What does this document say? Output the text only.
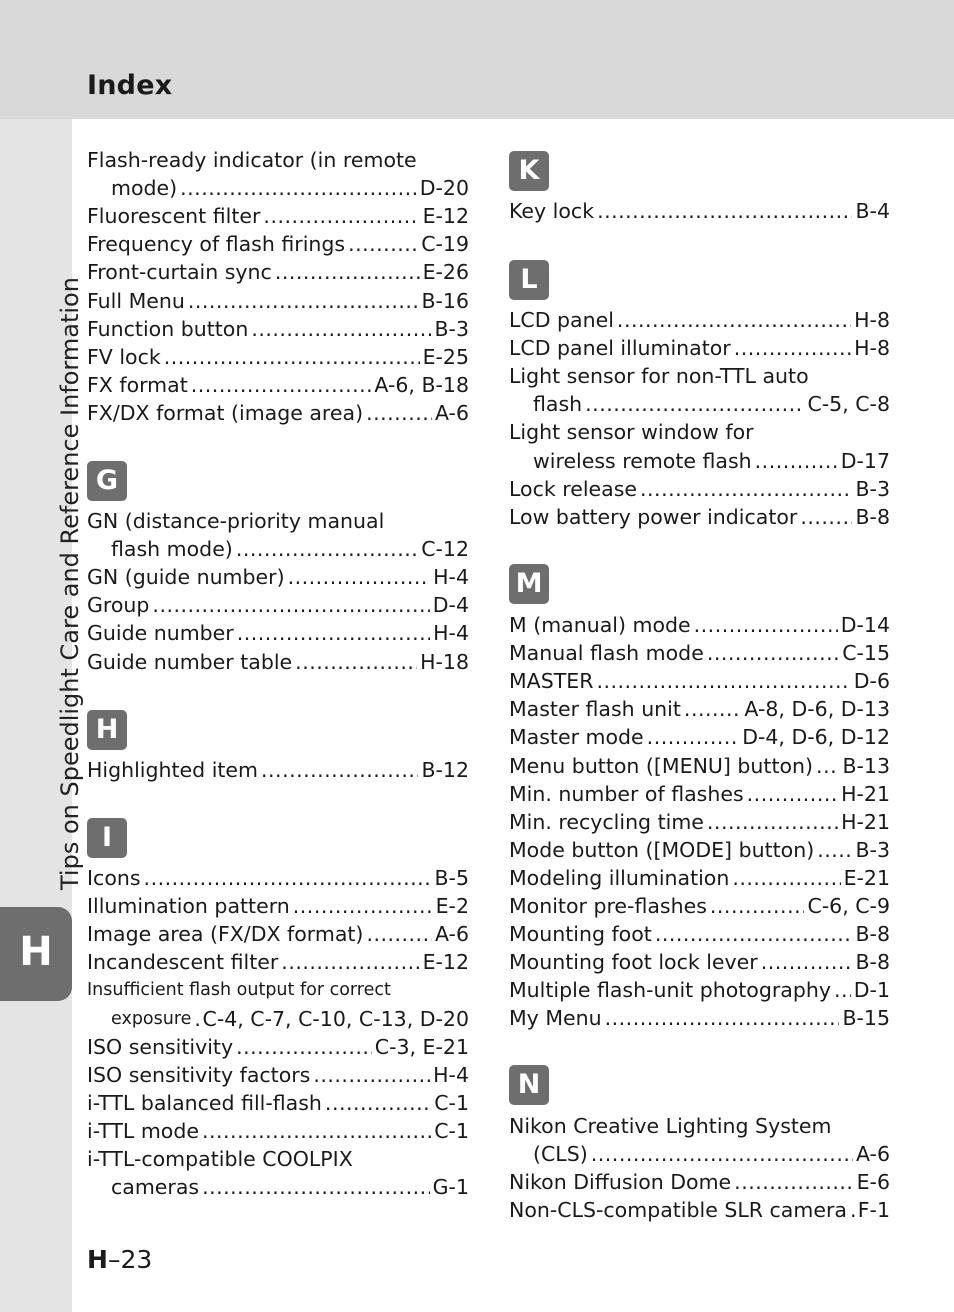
Index
Tips on Speedlight Care and Reference Information
H
Flash-ready indicator (in remote
mode) .....	D-20
Fluorescent filter .....	E-12
Frequency of flash firings .....	C-19
Front-curtain sync .....	E-26
Full Menu .....	B-16
Function button .....	B-3
FV lock .....	E-25
FX format .....	A-6, B-18
FX/DX format (image area) .....	A-6
G
GN (distance-priority manual
flash mode) .....	C-12
GN (guide number) .....	H-4
Group .....	D-4
Guide number .....	H-4
Guide number table .....	H-18
H
Highlighted item .....	B-12
I
Icons .....	B-5
Illumination pattern .....	E-2
Image area (FX/DX format) .....	A-6
Incandescent filter .....	E-12
Insufficient flash output for correct
exposure ..... C-4, C-7, C-10, C-13, D-20
ISO sensitivity .....	C-3, E-21
ISO sensitivity factors .....	H-4
i-TTL balanced fill-flash .....	C-1
i-TTL mode .....	C-1
i-TTL-compatible COOLPIX
cameras .....	G-1
K
Key lock .....	B-4
L
LCD panel .....	H-8
LCD panel illuminator .....	H-8
Light sensor for non-TTL auto
flash .....	C-5, C-8
Light sensor window for
wireless remote flash .....	D-17
Lock release .....	B-3
Low battery power indicator .....	B-8
M
M (manual) mode .....	D-14
Manual flash mode .....	C-15
MASTER .....	D-6
Master flash unit .....	A-8, D-6, D-13
Master mode .....	D-4, D-6, D-12
Menu button ([MENU] button) ..... B-13
Min. number of flashes .....	H-21
Min. recycling time .....	H-21
Mode button ([MODE] button) ..... B-3
Modeling illumination .....	E-21
Monitor pre-flashes .....	C-6, C-9
Mounting foot .....	B-8
Mounting foot lock lever .....	B-8
Multiple flash-unit photography ..... D-1
My Menu .....	B-15
N
Nikon Creative Lighting System
(CLS) .....	A-6
Nikon Diffusion Dome .....	E-6
Non-CLS-compatible SLR camera ..... F-1
H–23
